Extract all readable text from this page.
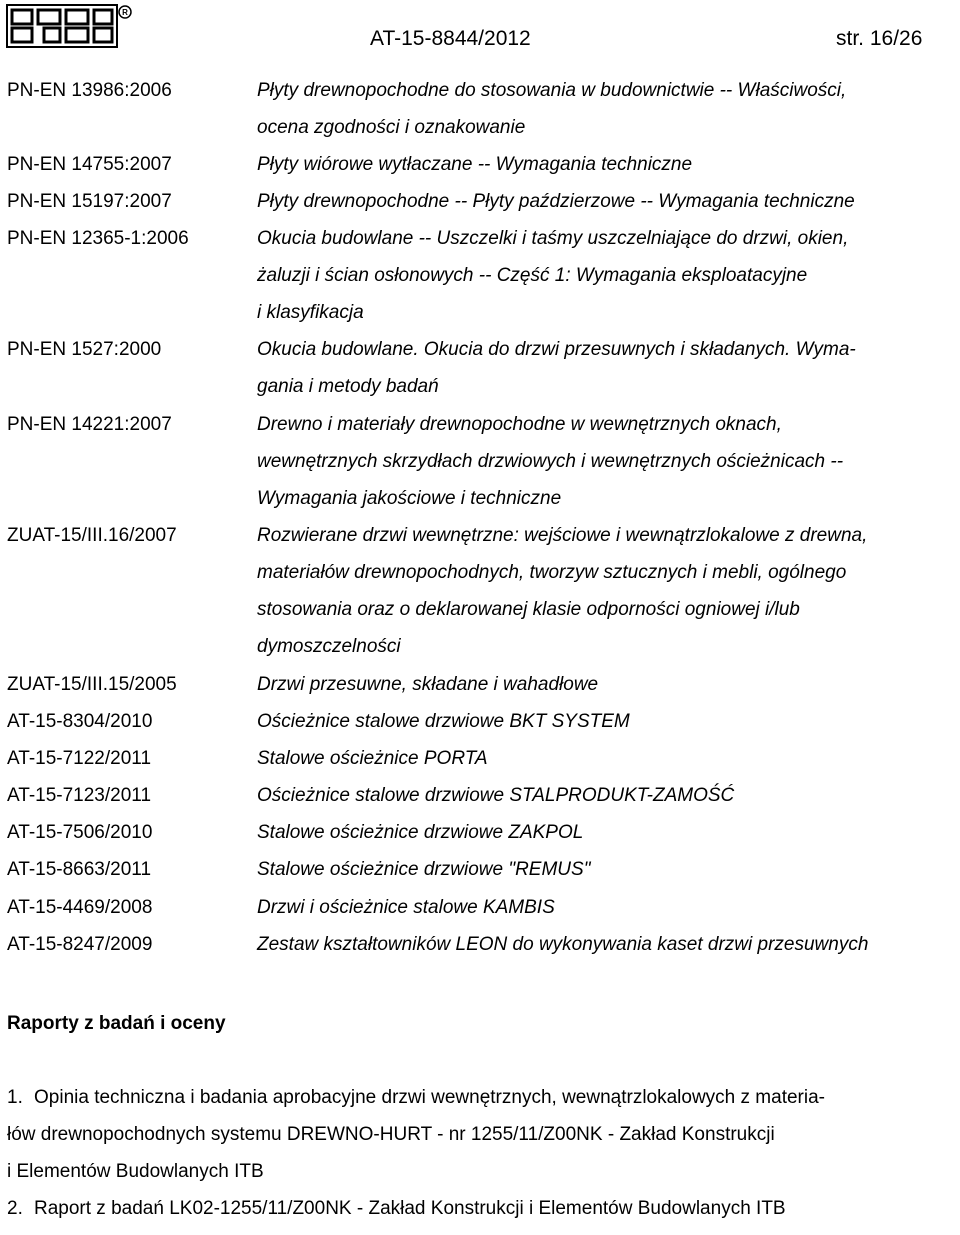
R
AT-15-8844/2012	str. 16/26
PN-EN 13986:2006	Płyty drewnopochodne do stosowania w budownictwie -- Właściwości,
ocena zgodności i oznakowanie
PN-EN 14755:2007	Płyty wiórowe wytłaczane -- Wymagania techniczne
PN-EN 15197:2007	Płyty drewnopochodne -- Płyty paździerzowe -- Wymagania techniczne
PN-EN 12365-1:2006	Okucia budowlane -- Uszczelki i taśmy uszczelniające do drzwi, okien,
żaluzji i ścian osłonowych -- Część 1: Wymagania eksploatacyjne
i klasyfikacja
PN-EN 1527:2000	Okucia budowlane. Okucia do drzwi przesuwnych i składanych. Wyma-
gania i metody badań
PN-EN 14221:2007	Drewno i materiały drewnopochodne w wewnętrznych oknach,
wewnętrznych skrzydłach drzwiowych i wewnętrznych ościeżnicach --
Wymagania jakościowe i techniczne
ZUAT-15/III.16/2007	Rozwierane drzwi wewnętrzne: wejściowe i wewnątrzlokalowe z drewna,
materiałów drewnopochodnych, tworzyw sztucznych i mebli, ogólnego
stosowania oraz o deklarowanej klasie odporności ogniowej i/lub
dymoszczelności
ZUAT-15/III.15/2005	Drzwi przesuwne, składane i wahadłowe
AT-15-8304/2010	Ościeżnice stalowe drzwiowe BKT SYSTEM
AT-15-7122/2011	Stalowe ościeżnice PORTA
AT-15-7123/2011	Ościeżnice stalowe drzwiowe STALPRODUKT-ZAMOŚĆ
AT-15-7506/2010	Stalowe ościeżnice drzwiowe ZAKPOL
AT-15-8663/2011	Stalowe ościeżnice drzwiowe "REMUS"
AT-15-4469/2008	Drzwi i ościeżnice stalowe KAMBIS
AT-15-8247/2009	Zestaw kształtowników LEON do wykonywania kaset drzwi przesuwnych
Raporty z badań i oceny
1. Opinia techniczna i badania aprobacyjne drzwi wewnętrznych, wewnątrzlokalowych z materia-
łów drewnopochodnych systemu DREWNO-HURT - nr 1255/11/Z00NK - Zakład Konstrukcji
i Elementów Budowlanych ITB
2. Raport z badań LK02-1255/11/Z00NK - Zakład Konstrukcji i Elementów Budowlanych ITB
